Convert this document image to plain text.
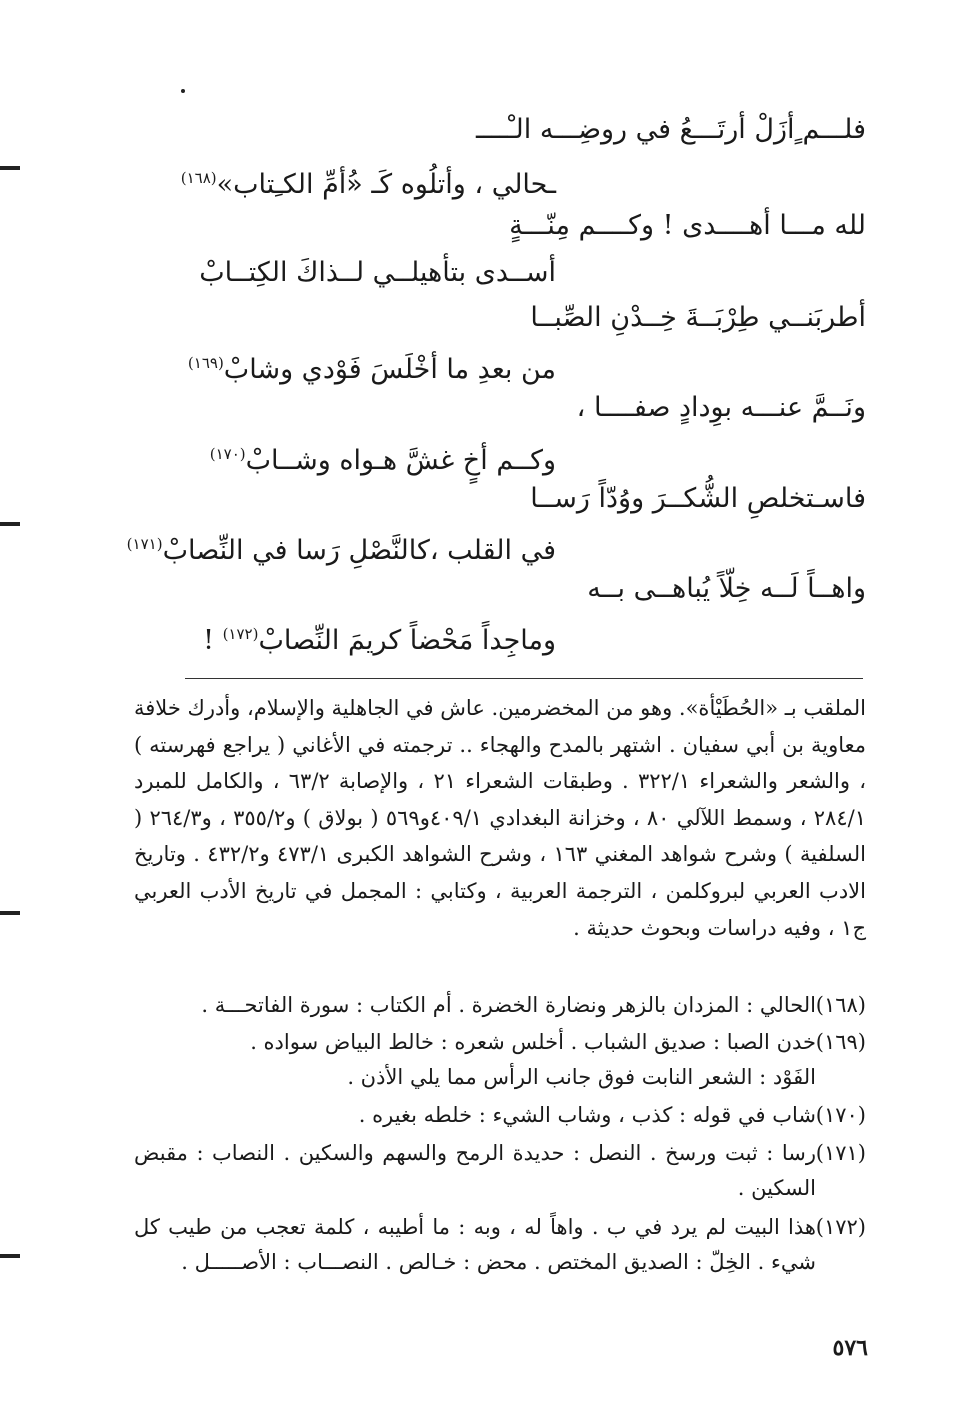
فلـــم ٍأزَلْ أرتَـــعُ في روضِـــه الـْــــ
ـحالي ، وأتلُوه كَـ «ُأمِّ الكـِتاب»$^{(١٦٨)}$
لله مـــا أهــــدى ! وكــــم مِنّـــةٍ
أســدى بتأهيلــي لــذاكَ الكِتــابْ
أطربَنــي طِرْبَــةَ خِــدْنِ الصِّبــا
من بعدِ ما أخْلَسَ فَوْدي وشابْ$^{(١٦٩)}$
ونَــمَّ عنـــه بوِدادٍ صفــــا ،
وكــم أخٍ غشَّ هـواه وشــابْ$^{(١٧٠)}$
فاسـتخلصِ الشُّكــرَ ووُدّاً رَســا
في القلب ،كالنَّصْلِ رَسا في النِّصابْ$^{(١٧١)}$
واهــاً لَــه خِلّاً يُباهــى بــه
وماجِداً مَحْضاً كريمَ النِّصابْ$^{(١٧٢)}$ !

الملقب بـ «الحُطَيْأة». وهو من المخضرمين. عاش في الجاهلية والإسلام، وأدرك خلافة معاوية بن أبي سفيان . اشتهر بالمدح والهجاء .. ترجمته في الأغاني ( يراجع فهرسته ) ، والشعر والشعراء ٣٢٢/١ . وطبقات الشعراء ٢١ ، والإصابة ٦٣/٢ ، والكامل للمبرد ٢٨٤/١ ، وسمط اللآلي ٨٠ ، وخزانة البغدادي ٤٠٩/١و٥٦٩ ( بولاق ) و٣٥٥/٢ ، و٢٦٤/٣ ( السلفية ) وشرح شواهد المغني ١٦٣ ، وشرح الشواهد الكبرى ٤٧٣/١ و٤٣٢/٢ . وتاريخ الادب العربي لبروكلمن ، الترجمة العربية ، وكتابي : المجمل في تاريخ الأدب العربي ج١ ، وفيه دراسات وبحوث حديثة .

(١٦٨)

الحالي : المزدان بالزهر ونضارة الخضرة . أم الكتاب : سورة الفاتحـــة .

(١٦٩)

خدن الصبا : صديق الشباب . أخلس شعره : خالط البياض سواده .

الفَوْد : الشعر النابت فوق جانب الرأس مما يلي الأذن .

(١٧٠)

شاب في قوله : كذب ، وشاب الشيء : خلطه بغيره .

(١٧١)

رسا : ثبت ورسخ . النصل : حديدة الرمح والسهم والسكين . النصاب : مقبض السكين .

(١٧٢)

هذا البيت لم يرد في ب . واهاً له ، وبه : ما أطيبه ، كلمة تعجب من طيب كل شيء . الخِلّ : الصديق المختص . محض : خـالص . النصـــاب : الأصـــــل .

٥٧٦
